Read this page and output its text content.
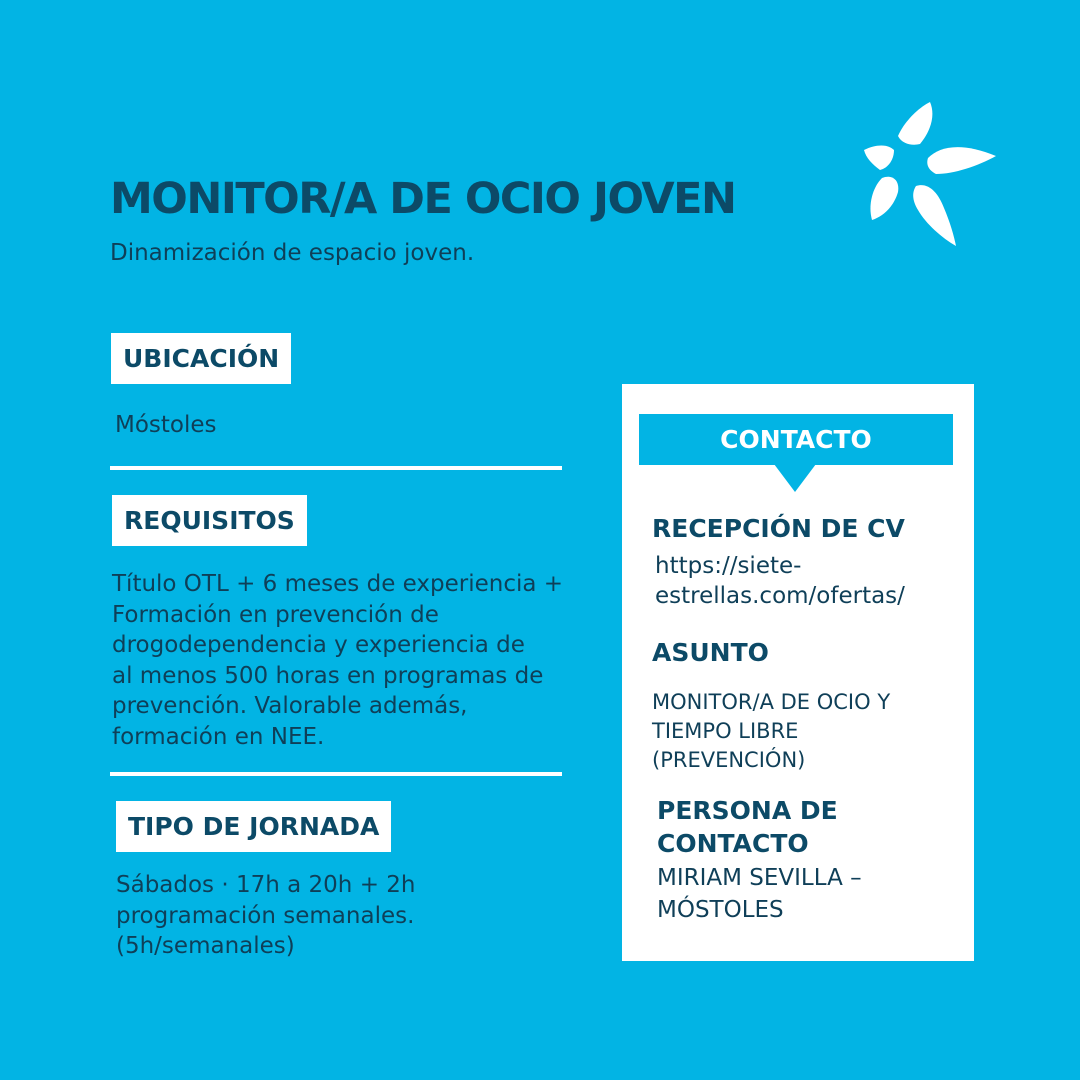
MONITOR/A DE OCIO JOVEN
Dinamización de espacio joven.
UBICACIÓN
Móstoles
REQUISITOS
Título OTL + 6 meses de experiencia +
Formación en prevención de
drogodependencia y experiencia de
al menos 500 horas en programas de
prevención. Valorable además,
formación en NEE.
TIPO DE JORNADA
Sábados · 17h a 20h + 2h
programación semanales.
(5h/semanales)
CONTACTO
RECEPCIÓN DE CV
https://siete-
estrellas.com/ofertas/
ASUNTO
MONITOR/A DE OCIO Y
TIEMPO LIBRE
(PREVENCIÓN)
PERSONA DE
CONTACTO
MIRIAM SEVILLA –
MÓSTOLES
